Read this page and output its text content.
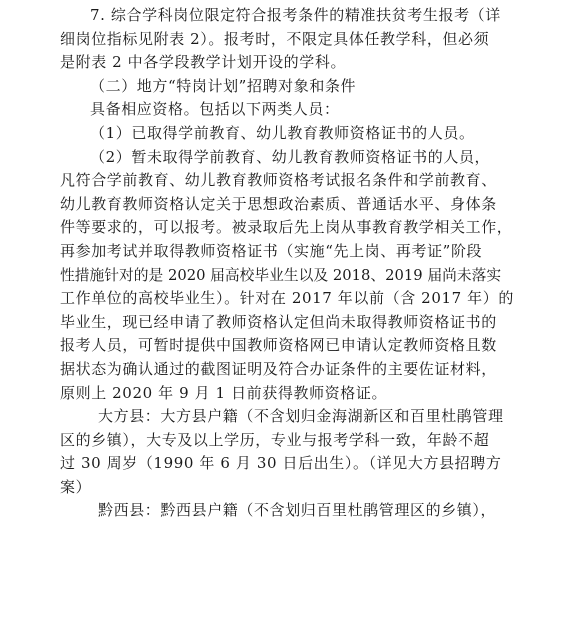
7. 综合学科岗位限定符合报考条件的精准扶贫考生报考（详
细岗位指标见附表 2）。报考时，不限定具体任教学科，但必须
是附表 2 中各学段教学计划开设的学科。
（二）地方“特岗计划”招聘对象和条件
具备相应资格。包括以下两类人员：
（1）已取得学前教育、幼儿教育教师资格证书的人员。
（2）暂未取得学前教育、幼儿教育教师资格证书的人员，
凡符合学前教育、幼儿教育教师资格考试报名条件和学前教育、
幼儿教育教师资格认定关于思想政治素质、普通话水平、身体条
件等要求的，可以报考。被录取后先上岗从事教育教学相关工作，
再参加考试并取得教师资格证书（实施“先上岗、再考证”阶段
性措施针对的是 2020 届高校毕业生以及 2018、2019 届尚未落实
工作单位的高校毕业生）。针对在 2017 年以前（含 2017 年）的
毕业生，现已经申请了教师资格认定但尚未取得教师资格证书的
报考人员，可暂时提供中国教师资格网已申请认定教师资格且数
据状态为确认通过的截图证明及符合办证条件的主要佐证材料，
原则上 2020 年 9 月 1 日前获得教师资格证。
大方县：大方县户籍（不含划归金海湖新区和百里杜鹃管理
区的乡镇），大专及以上学历，专业与报考学科一致，年龄不超
过 30 周岁（1990 年 6 月 30 日后出生）。（详见大方县招聘方
案）
黔西县：黔西县户籍（不含划归百里杜鹃管理区的乡镇），
